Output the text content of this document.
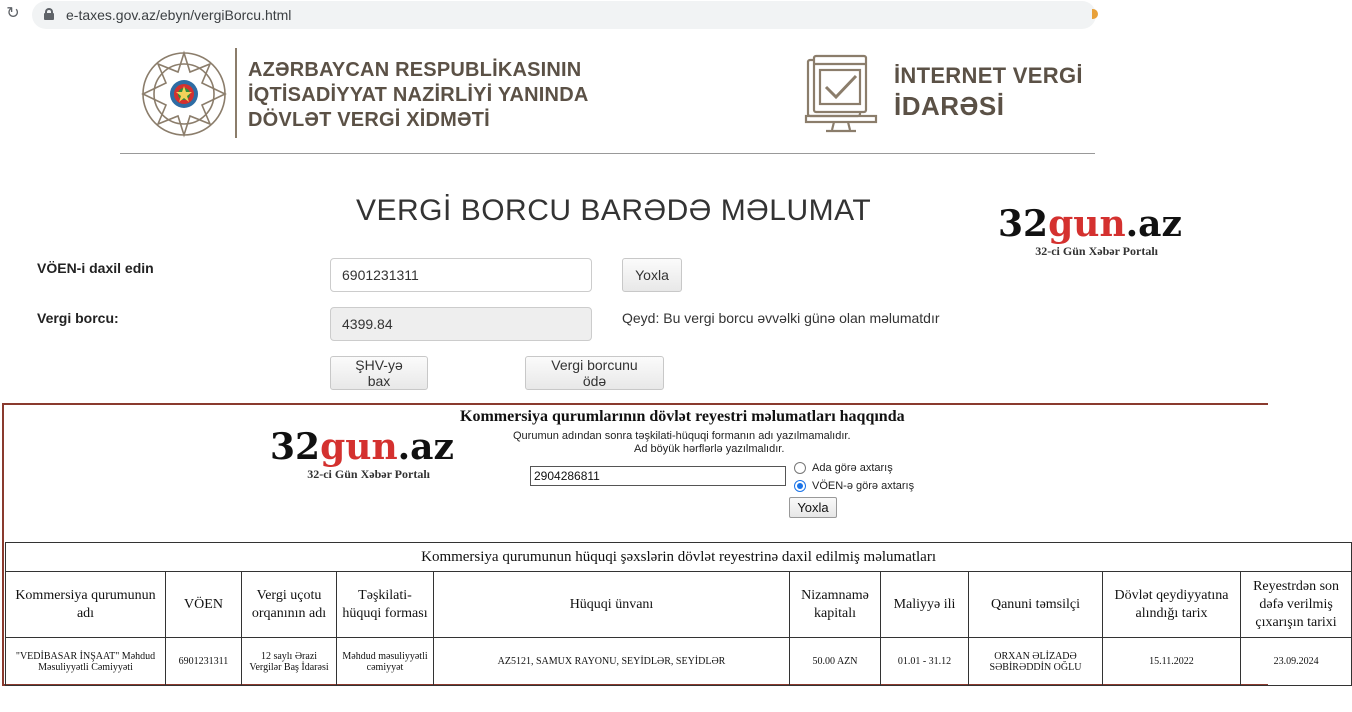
↻	e-taxes.gov.az/ebyn/vergiBorcu.html
AZƏRBAYCAN RESPUBLİKASININ
İQTİSADİYYAT NAZİRLİYİ YANINDA
DÖVLƏT VERGİ XİDMƏTİ
İNTERNET VERGİ
İDARƏSİ
VERGİ BORCU BARƏDƏ MƏLUMAT	32gun.az
32-ci Gün Xəbər Portalı
VÖEN-i daxil edin
6901231311	Yoxla
Vergi borcu:
4399.84	Qeyd: Bu vergi borcu əvvəlki günə olan məlumatdır
ŞHV-yə bax
Vergi borcunu ödə
Kommersiya qurumlarının dövlət reyestri məlumatları haqqında
Qurumun adından sonra təşkilati-hüquqi formanın adı yazılmamalıdır.
Ad böyük hərflərlə yazılmalıdır.
32gun.az
32-ci Gün Xəbər Portalı
2904286811	Ada görə axtarış
VÖEN-ə görə axtarış
Yoxla
Kommersiya qurumunun hüquqi şəxslərin dövlət reyestrinə daxil edilmiş məlumatları									
Kommersiya qurumunun adı	VÖEN	Vergi uçotu orqanının adı	Təşkilati-hüquqi forması	Hüquqi ünvanı	Nizamnamə kapitalı	Maliyyə ili	Qanuni təmsilçi	Dövlət qeydiyyatına alındığı tarix	Reyestrdən son dəfə verilmiş çıxarışın tarixi
"VEDİBASAR İNŞAAT" Məhdud Məsuliyyətli Cəmiyyəti	6901231311	12 saylı Ərazi Vergilər Baş İdarəsi	Məhdud məsuliyyətli cəmiyyət	AZ5121, SAMUX RAYONU, SEYİDLƏR, SEYİDLƏR	50.00 AZN	01.01 - 31.12	ORXAN ƏLİZADƏ SƏBİRƏDDİN OĞLU	15.11.2022	23.09.2024
